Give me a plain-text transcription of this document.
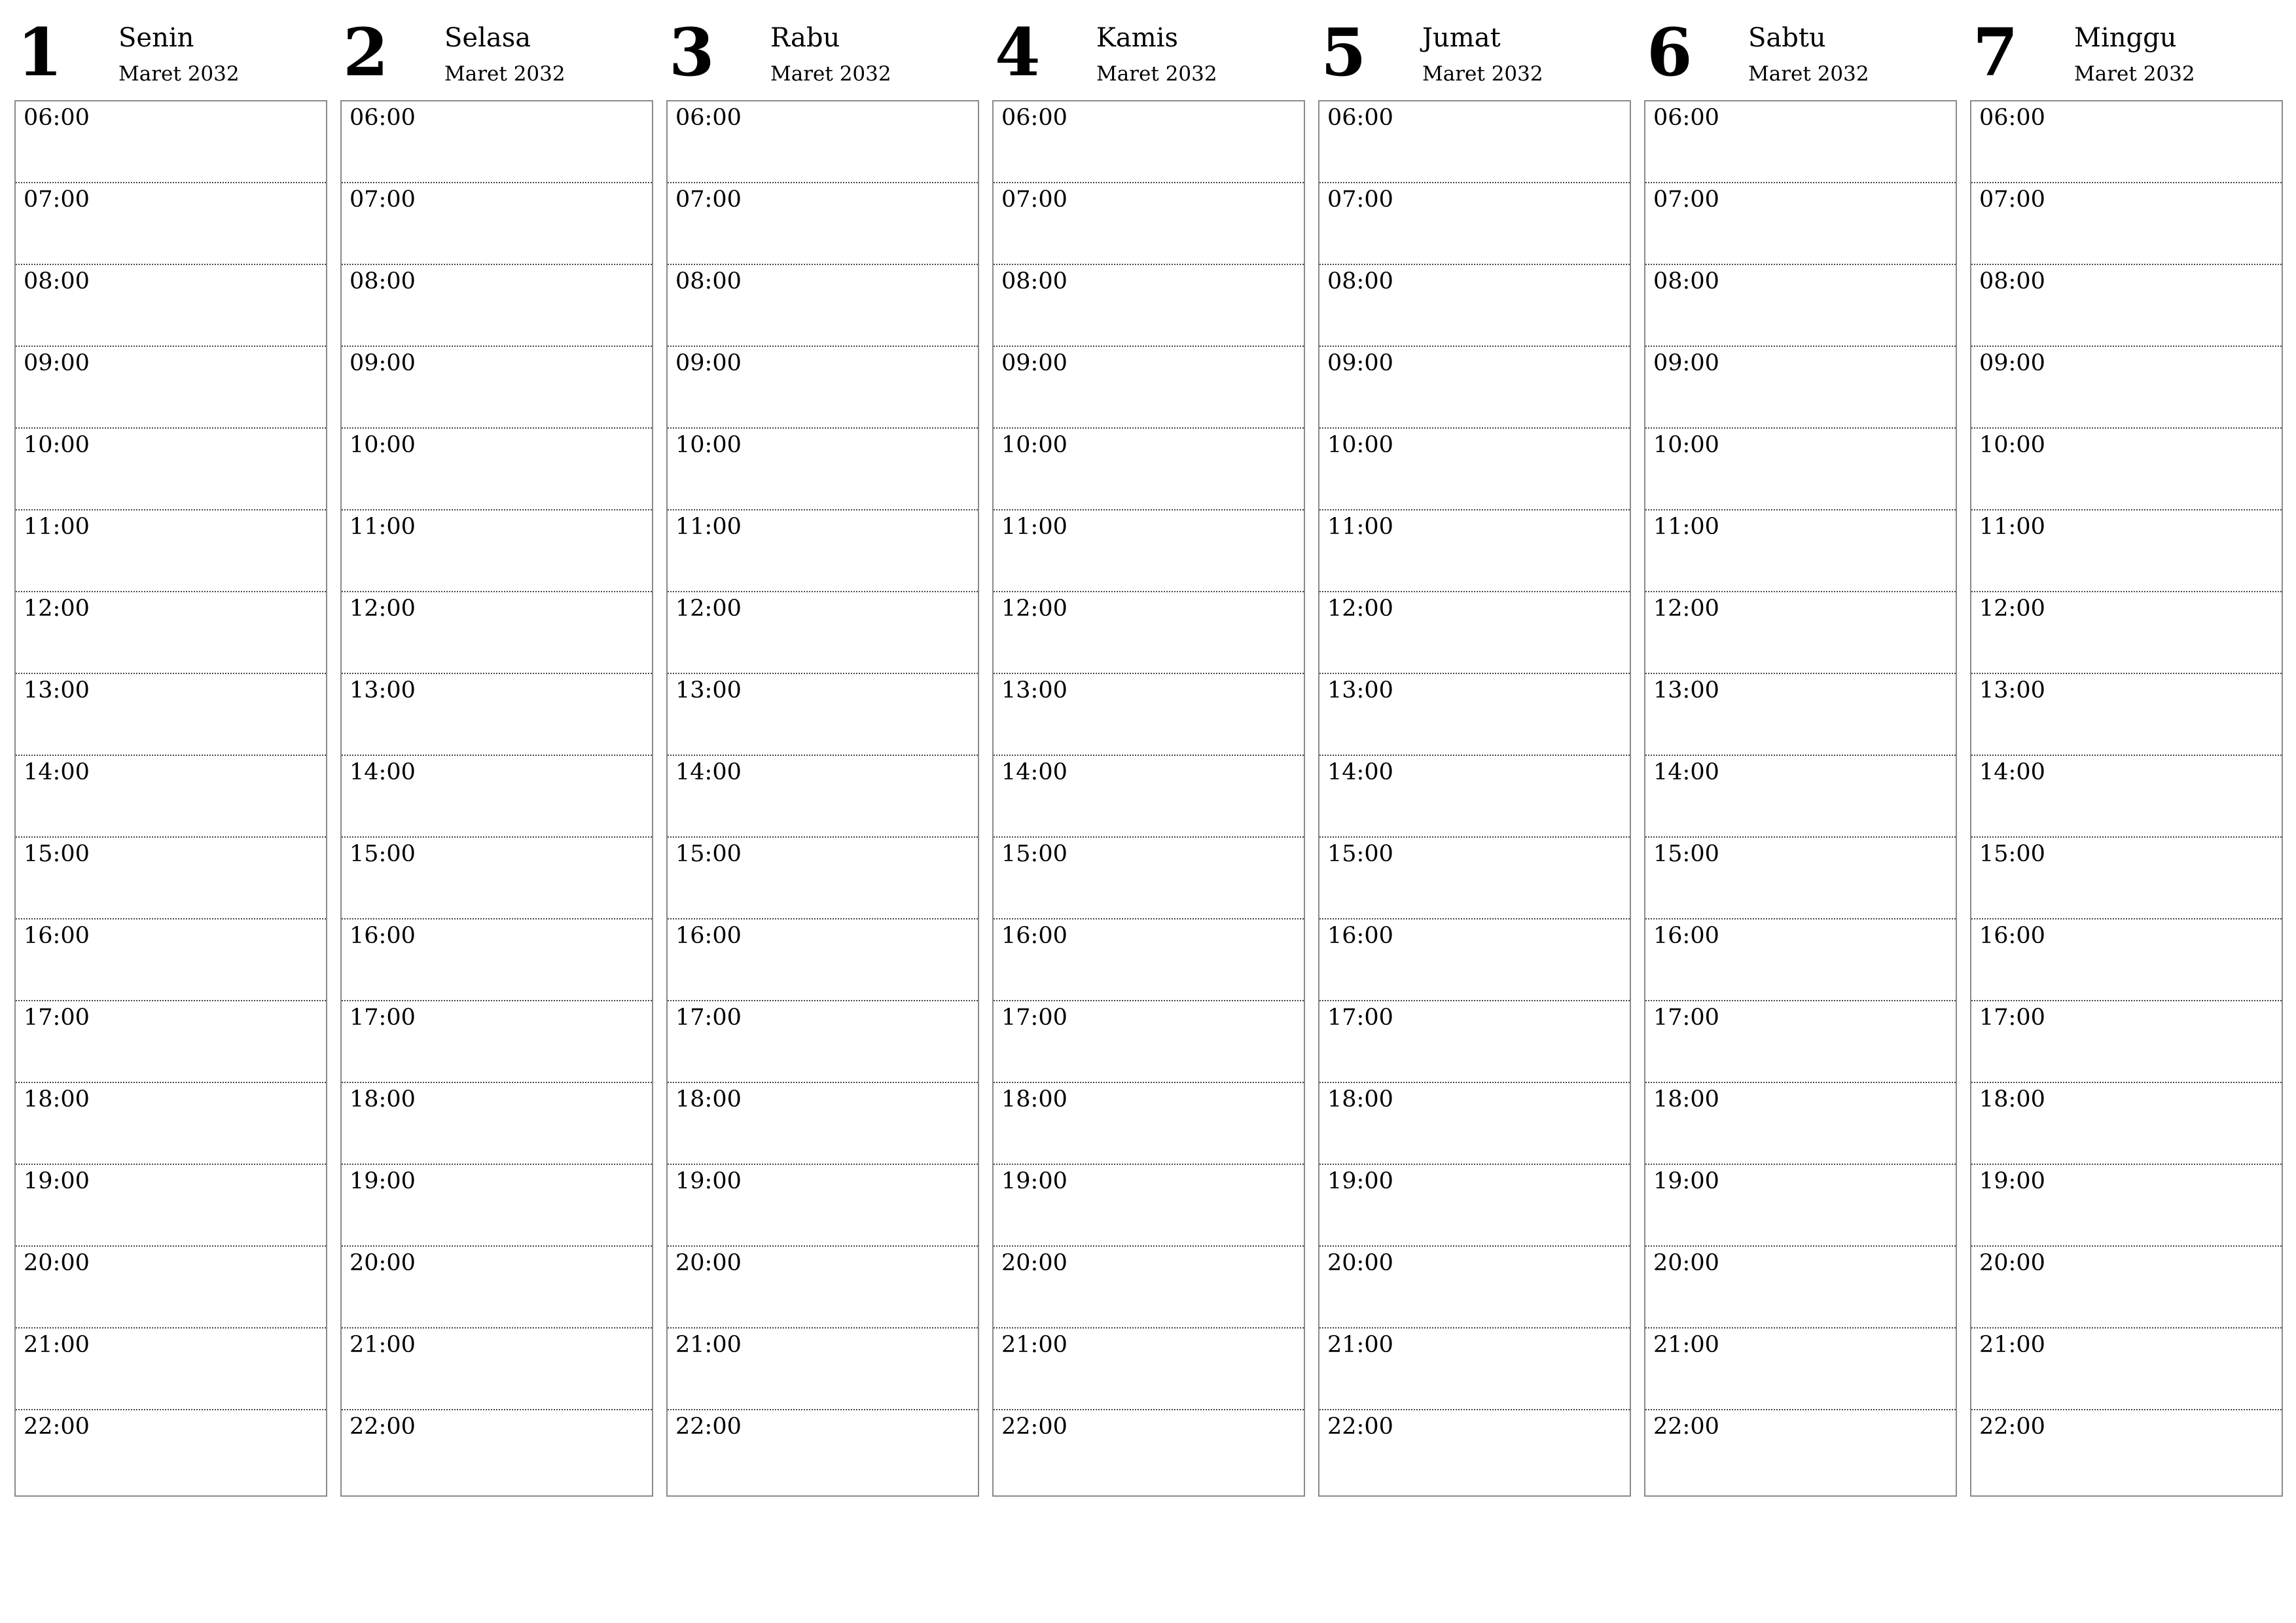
1 Senin
Maret 2032
06:00
07:00
08:00
09:00
10:00
11:00
12:00
13:00
14:00
15:00
16:00
17:00
18:00
19:00
20:00
21:00
22:00
2 Selasa
Maret 2032
06:00
07:00
08:00
09:00
10:00
11:00
12:00
13:00
14:00
15:00
16:00
17:00
18:00
19:00
20:00
21:00
22:00
3 Rabu
Maret 2032
06:00
07:00
08:00
09:00
10:00
11:00
12:00
13:00
14:00
15:00
16:00
17:00
18:00
19:00
20:00
21:00
22:00
4 Kamis
Maret 2032
06:00
07:00
08:00
09:00
10:00
11:00
12:00
13:00
14:00
15:00
16:00
17:00
18:00
19:00
20:00
21:00
22:00
5 Jumat
Maret 2032
06:00
07:00
08:00
09:00
10:00
11:00
12:00
13:00
14:00
15:00
16:00
17:00
18:00
19:00
20:00
21:00
22:00
6 Sabtu
Maret 2032
06:00
07:00
08:00
09:00
10:00
11:00
12:00
13:00
14:00
15:00
16:00
17:00
18:00
19:00
20:00
21:00
22:00
7 Minggu
Maret 2032
06:00
07:00
08:00
09:00
10:00
11:00
12:00
13:00
14:00
15:00
16:00
17:00
18:00
19:00
20:00
21:00
22:00
